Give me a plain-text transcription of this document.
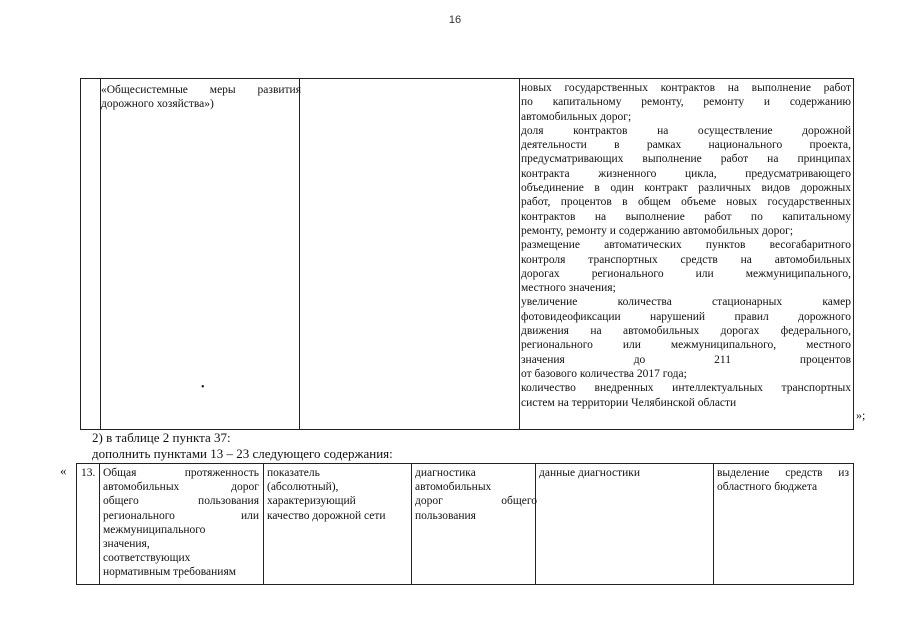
16
«Общесистемные меры развития дорожного хозяйства»)
новых государственных контрактов на выполнение работ
по капитальному ремонту, ремонту и содержанию
автомобильных дорог;
доля контрактов на осуществление дорожной
деятельности в рамках национального проекта,
предусматривающих выполнение работ на принципах
контракта жизненного цикла, предусматривающего
объединение в один контракт различных видов дорожных
работ, процентов в общем объеме новых государственных
контрактов на выполнение работ по капитальному
ремонту, ремонту и содержанию автомобильных дорог;
размещение автоматических пунктов весогабаритного
контроля транспортных средств на автомобильных
дорогах регионального или межмуниципального,
местного значения;
увеличение количества стационарных камер
фотовидеофиксации нарушений правил дорожного
движения на автомобильных дорогах федерального,
регионального или межмуниципального, местного
значения до 211 процентов
от базового количества 2017 года;
количество внедренных интеллектуальных транспортных
систем на территории Челябинской области
•
»;
2) в таблице 2 пункта 37:
дополнить пунктами 13 – 23 следующего содержания:
« 13. Общая протяженность
автомобильных дорог
общего пользования
регионального или
межмуниципального
значения,
соответствующих
нормативным требованиям
показатель
(абсолютный),
характеризующий
качество дорожной сети
диагностика
автомобильных
дорог общего
пользования
данные диагностики	выделение средств из
областного бюджета
